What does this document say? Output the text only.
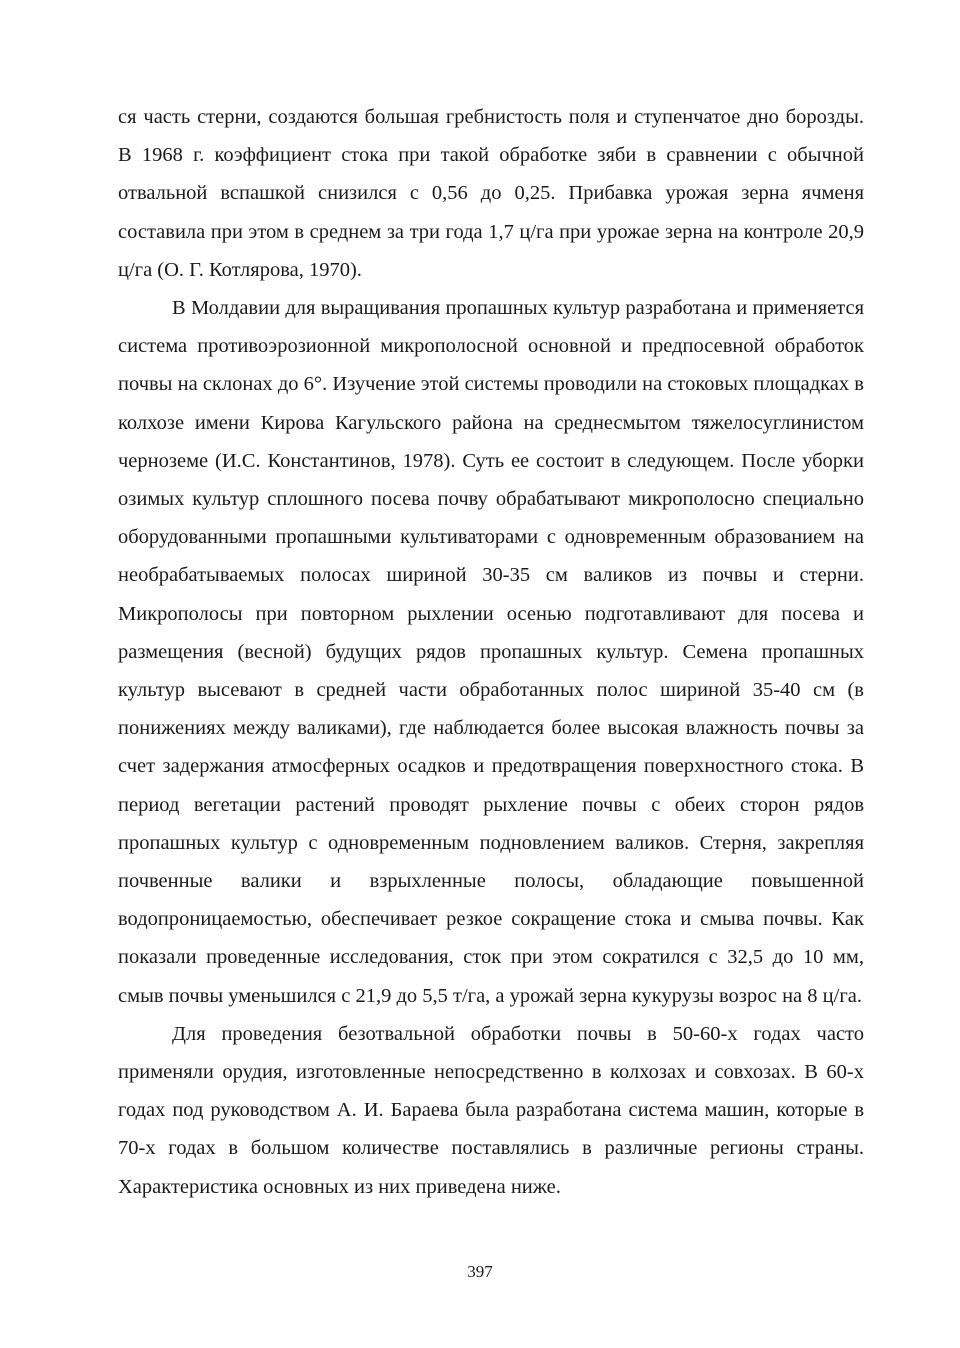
ся часть стерни, создаются большая гребнистость поля и ступенчатое дно борозды. В 1968 г. коэффициент стока при такой обработке зяби в сравнении с обычной отвальной вспашкой снизился с 0,56 до 0,25. Прибавка урожая зерна ячменя составила при этом в среднем за три года 1,7 ц/га при урожае зерна на контроле 20,9 ц/га (О. Г. Котлярова, 1970).

В Молдавии для выращивания пропашных культур разработана и применяется система противоэрозионной микрополосной основной и предпосевной обработок почвы на склонах до 6°. Изучение этой системы проводили на стоковых площадках в колхозе имени Кирова Кагульского района на среднесмытом тяжелосуглинистом черноземе (И.С. Константинов, 1978). Суть ее состоит в следующем. После уборки озимых культур сплошного посева почву обрабатывают микрополосно специально оборудованными пропашными культиваторами с одновременным образованием на необрабатываемых полосах шириной 30-35 см валиков из почвы и стерни. Микрополосы при повторном рыхлении осенью подготавливают для посева и размещения (весной) будущих рядов пропашных культур. Семена пропашных культур высевают в средней части обработанных полос шириной 35-40 см (в понижениях между валиками), где наблюдается более высокая влажность почвы за счет задержания атмосферных осадков и предотвращения поверхностного стока. В период вегетации растений проводят рыхление почвы с обеих сторон рядов пропашных культур с одновременным подновлением валиков. Стерня, закрепляя почвенные валики и взрыхленные полосы, обладающие повышенной водопроницаемостью, обеспечивает резкое сокращение стока и смыва почвы. Как показали проведенные исследования, сток при этом сократился с 32,5 до 10 мм, смыв почвы уменьшился с 21,9 до 5,5 т/га, а урожай зерна кукурузы возрос на 8 ц/га.

Для проведения безотвальной обработки почвы в 50-60-х годах часто применяли орудия, изготовленные непосредственно в колхозах и совхозах. В 60-х годах под руководством А. И. Бараева была разработана система машин, которые в 70-х годах в большом количестве поставлялись в различные регионы страны. Характеристика основных из них приведена ниже.

397
